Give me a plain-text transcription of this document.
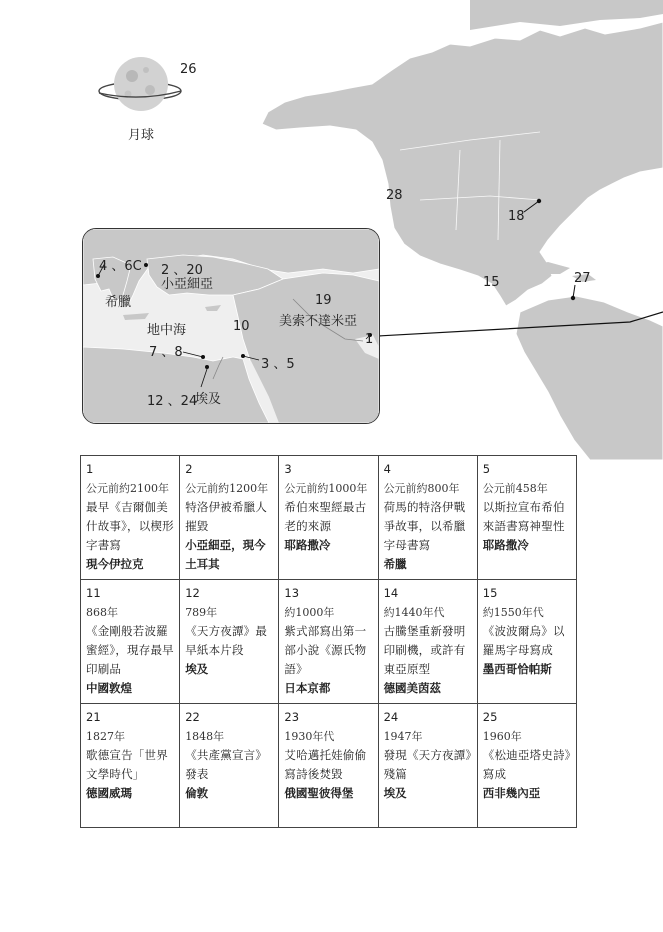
月球
26
28
18
15	27
4 、6C 2 、20
小亞細亞
希臘	19
美索不達米亞
地中海	10
1
7 、8
3 、5
12 、24
埃及
1
公元前約2100年
最早《吉爾伽美什故事》，以楔形字書寫
現今伊拉克	2
公元前約1200年
特洛伊被希臘人摧毀
小亞細亞，現今土耳其	3
公元前約1000年
希伯來聖經最古老的來源
耶路撒冷	4
公元前約800年
荷馬的特洛伊戰爭故事，以希臘字母書寫
希臘	5
公元前458年
以斯拉宣布希伯來語書寫神聖性
耶路撒冷

11
868年
《金剛般若波羅蜜經》，現存最早印刷品
中國敦煌	12
789年
《天方夜譚》最早紙本片段
埃及	13
約1000年
紫式部寫出第一部小說《源氏物語》
日本京都	14
約1440年代
古騰堡重新發明印刷機，或許有東亞原型
德國美茵茲	15
約1550年代
《波波爾烏》以羅馬字母寫成
墨西哥恰帕斯

21
1827年
歌德宣告「世界文學時代」
德國威瑪	22
1848年
《共產黨宣言》發表
倫敦	23
1930年代
艾哈邁托娃偷偷寫詩後焚毀
俄國聖彼得堡	24
1947年
發現《天方夜譚》殘篇
埃及	25
1960年
《松迪亞塔史詩》寫成
西非幾內亞
